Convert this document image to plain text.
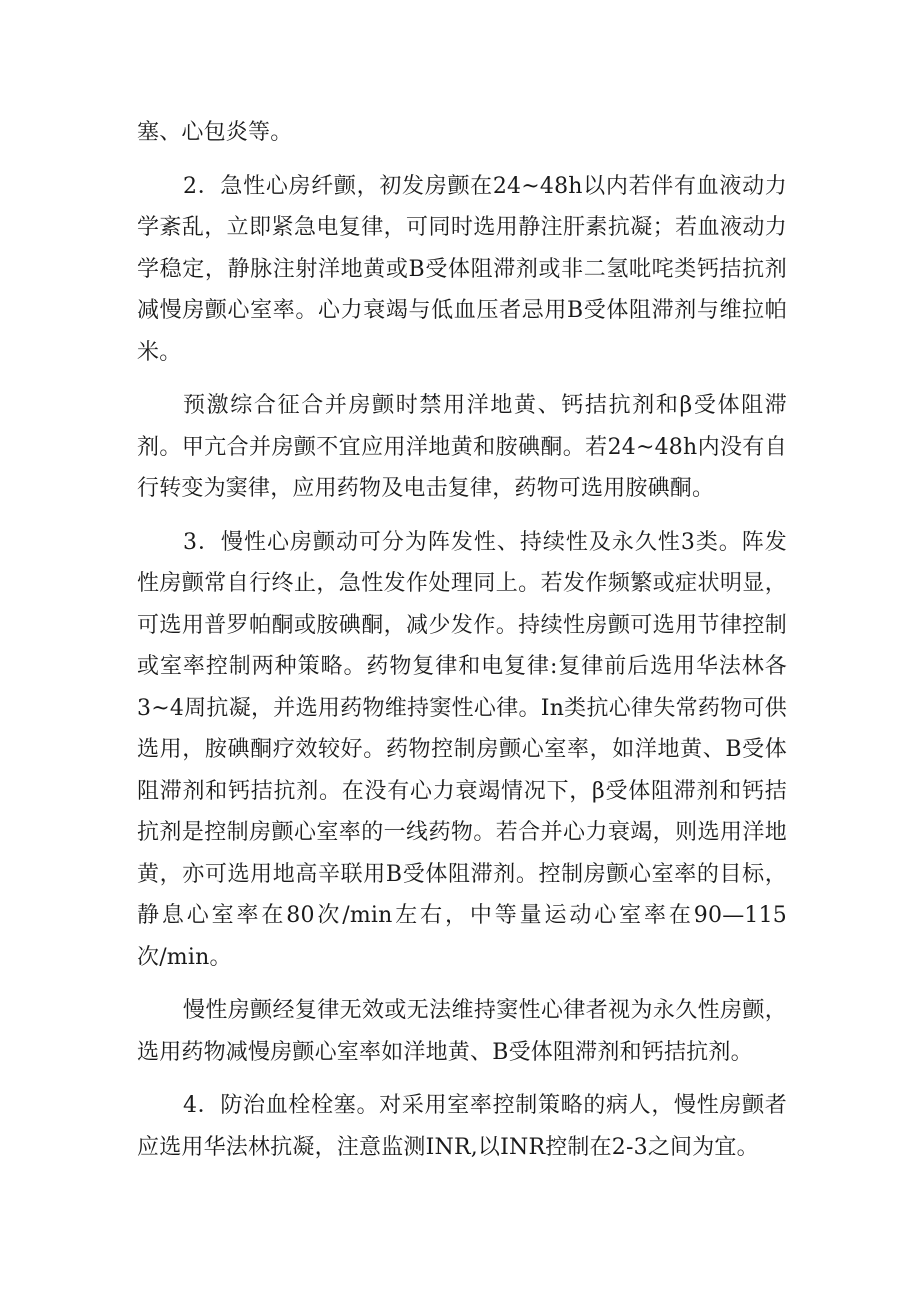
塞、心包炎等。

2．急性心房纤颤，初发房颤在24~48h以内若伴有血液动力学紊乱，立即紧急电复律，可同时选用静注肝素抗凝；若血液动力学稳定，静脉注射洋地黄或Β受体阻滞剂或非二氢吡咤类钙拮抗剂减慢房颤心室率。心力衰竭与低血压者忌用Β受体阻滞剂与维拉帕米。

预激综合征合并房颤时禁用洋地黄、钙拮抗剂和β受体阻滞剂。甲亢合并房颤不宜应用洋地黄和胺碘酮。若24~48h内没有自行转变为窦律，应用药物及电击复律，药物可选用胺碘酮。

3．慢性心房颤动可分为阵发性、持续性及永久性3类。阵发性房颤常自行终止，急性发作处理同上。若发作频繁或症状明显，可选用普罗帕酮或胺碘酮，减少发作。持续性房颤可选用节律控制或室率控制两种策略。药物复律和电复律:复律前后选用华法林各3~4周抗凝，并选用药物维持窦性心律。In类抗心律失常药物可供选用，胺碘酮疗效较好。药物控制房颤心室率，如洋地黄、Β受体阻滞剂和钙拮抗剂。在没有心力衰竭情况下，β受体阻滞剂和钙拮抗剂是控制房颤心室率的一线药物。若合并心力衰竭，则选用洋地黄，亦可选用地高辛联用Β受体阻滞剂。控制房颤心室率的目标，静息心室率在80次/min左右，中等量运动心室率在90—115次/min。

慢性房颤经复律无效或无法维持窦性心律者视为永久性房颤，选用药物减慢房颤心室率如洋地黄、Β受体阻滞剂和钙拮抗剂。

4．防治血栓栓塞。对采用室率控制策略的病人，慢性房颤者应选用华法林抗凝，注意监测INR,以INR控制在2-3之间为宜。
